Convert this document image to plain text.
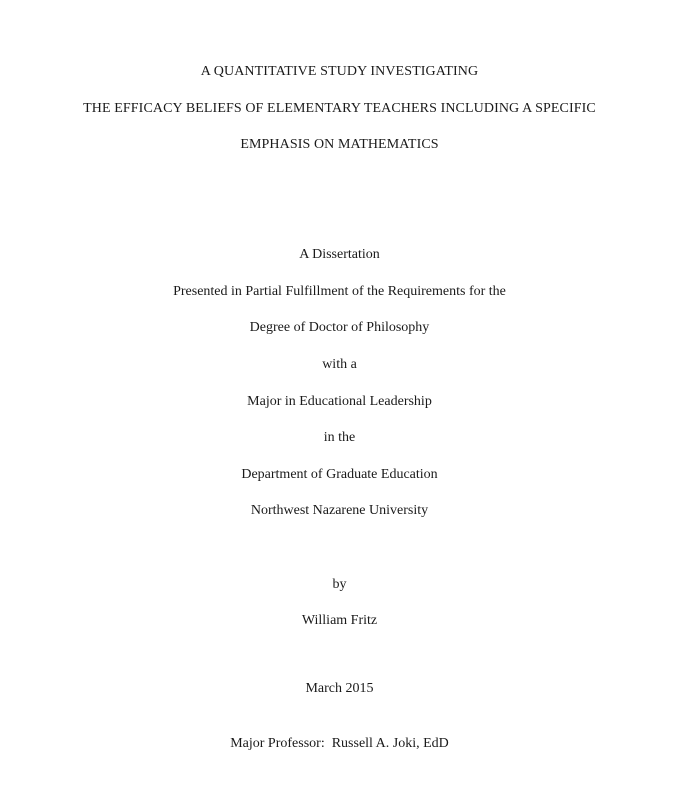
A QUANTITATIVE STUDY INVESTIGATING
THE EFFICACY BELIEFS OF ELEMENTARY TEACHERS INCLUDING A SPECIFIC
EMPHASIS ON MATHEMATICS
A Dissertation
Presented in Partial Fulfillment of the Requirements for the
Degree of Doctor of Philosophy
with a
Major in Educational Leadership
in the
Department of Graduate Education
Northwest Nazarene University
by
William Fritz
March 2015
Major Professor:  Russell A. Joki, EdD
